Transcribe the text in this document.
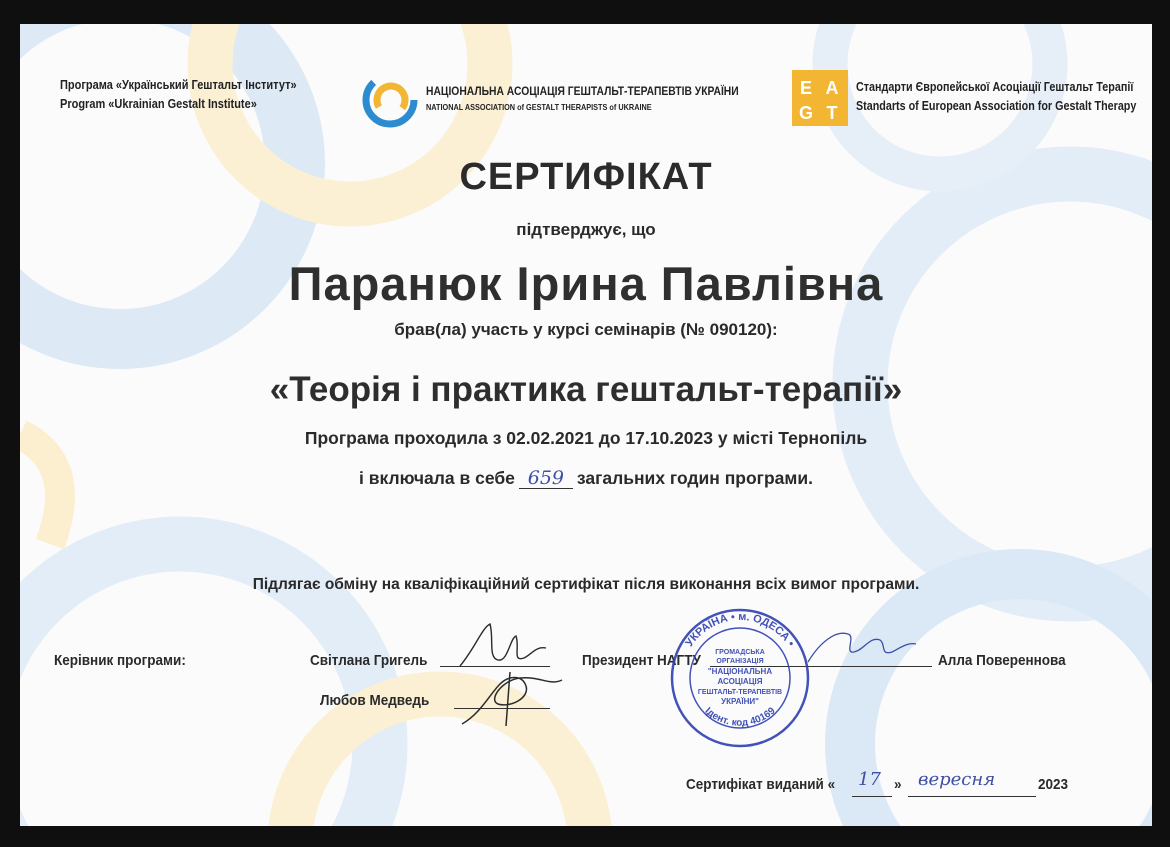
Програма «Український Гештальт Інститут»
Program «Ukrainian Gestalt Institute»
НАЦІОНАЛЬНА АСОЦІАЦІЯ ГЕШТАЛЬТ-ТЕРАПЕВТІВ УКРАЇНИ
NATIONAL ASSOCIATION of GESTALT THERAPISTS of UKRAINE
E A
G T
Стандарти Європейської Асоціації Гештальт Терапії
Standarts of European Association for Gestalt Therapy
СЕРТИФІКАТ
підтверджує, що
Паранюк Ірина Павлівна
брав(ла) участь у курсі семінарів (№ 090120):
«Теорія і практика гештальт-терапії»
Програма проходила з 02.02.2021 до 17.10.2023 у місті Тернопіль
і включала в себе 659 загальних годин програми.
Підлягає обміну на кваліфікаційний сертифікат після виконання всіх вимог програми.
Керівник програми:	Світлана Григель
Любов Медведь
Президент НАГТУ	Алла Повереннова
УКРАЇНА • м. ОДЕСА •
Ідент. код 40169
ГРОМАДСЬКА
ОРГАНІЗАЦІЯ
"НАЦІОНАЛЬНА
АСОЦІАЦІЯ
ГЕШТАЛЬТ-ТЕРАПЕВТІВ
УКРАЇНИ"
Сертифікат виданий « 17 » вересня	2023
